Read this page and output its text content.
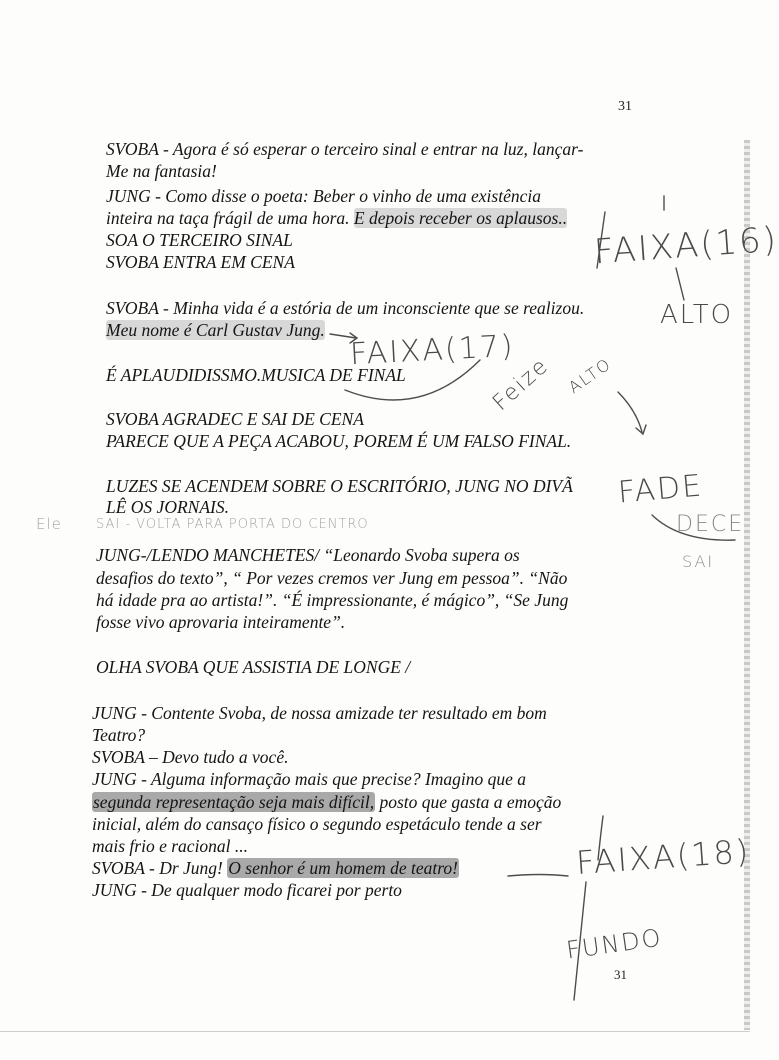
31
SVOBA - Agora é só esperar o terceiro sinal e entrar na luz, lançar-
Me na fantasia!
JUNG - Como disse o poeta: Beber o vinho de uma existência
inteira na taça frágil de uma hora. E depois receber os aplausos..
SOA O TERCEIRO SINAL
SVOBA ENTRA EM CENA
SVOBA - Minha vida é a estória de um inconsciente que se realizou.
Meu nome é Carl Gustav Jung.
É APLAUDIDISSMO.MUSICA DE FINAL
SVOBA AGRADEC E SAI DE CENA
PARECE QUE A PEÇA ACABOU, POREM É UM FALSO FINAL.
LUZES SE ACENDEM SOBRE O ESCRITÓRIO, JUNG NO DIVÃ
LÊ OS JORNAIS.
JUNG-/LENDO MANCHETES/ “Leonardo Svoba supera os
desafios do texto”, “ Por vezes cremos ver Jung em pessoa”. “Não
há idade pra ao artista!”. “É impressionante, é mágico”, “Se Jung
fosse vivo aprovaria inteiramente”.
OLHA SVOBA QUE ASSISTIA DE LONGE /
JUNG - Contente Svoba, de nossa amizade ter resultado em bom
Teatro?
SVOBA – Devo tudo a você.
JUNG - Alguma informação mais que precise? Imagino que a
segunda representação seja mais difícil, posto que gasta a emoção
inicial, além do cansaço físico o segundo espetáculo tende a ser
mais frio e racional ...
SVOBA - Dr Jung! O senhor é um homem de teatro!
JUNG - De qualquer modo ficarei por perto
FAIXA(16)
ALTO
FAIXA(17)
Feize ALTO
Ele	SAI - VOLTA PARA PORTA DO CENTRO
FADE
DECE
SAI
FAIXA(18)
FUNDO
31
